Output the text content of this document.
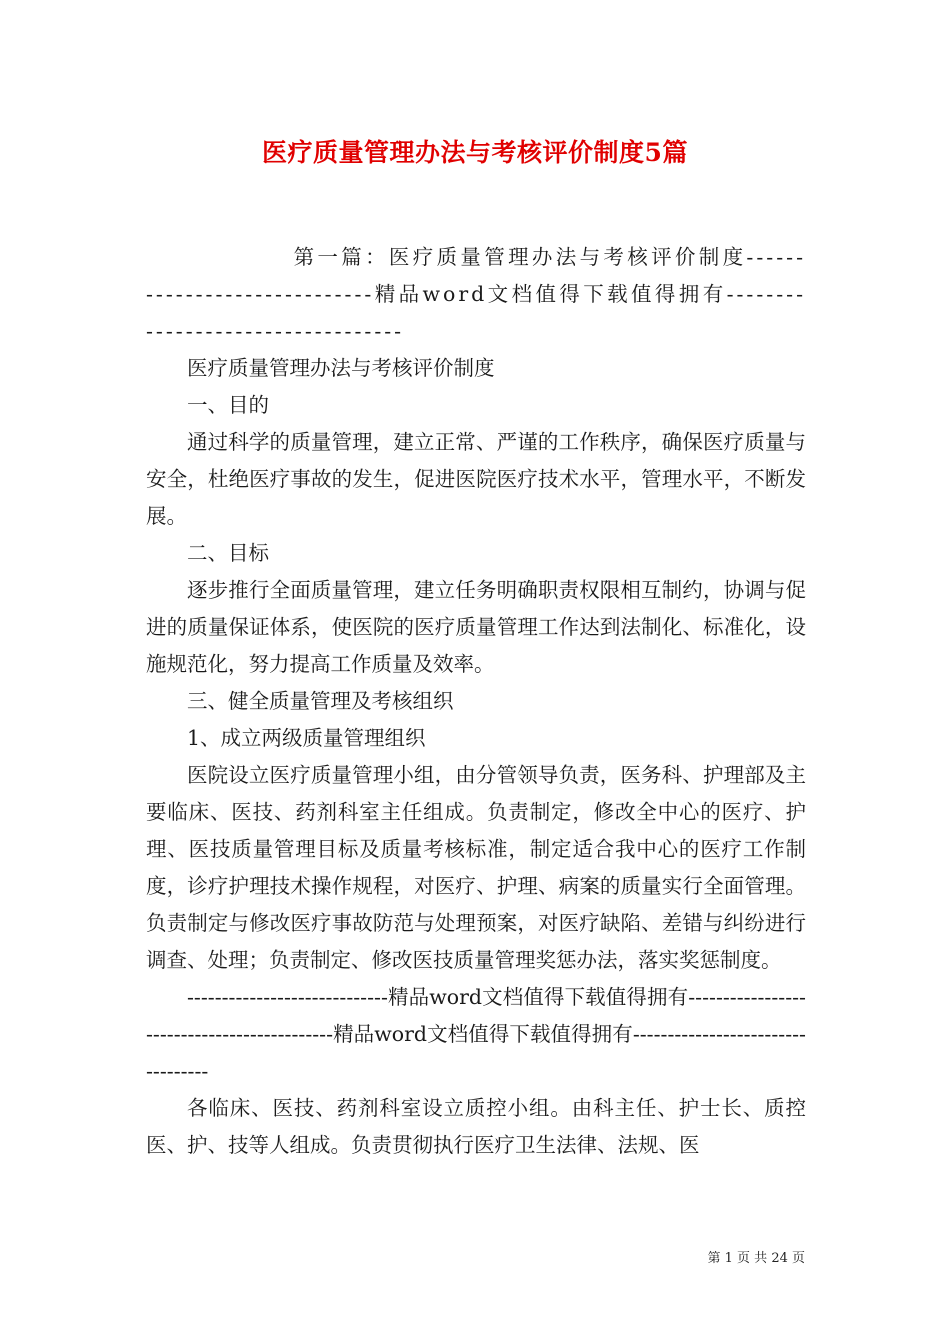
医疗质量管理办法与考核评价制度5篇

第一篇：医疗质量管理办法与考核评价制度-----------------------------精品word文档值得下载值得拥有----------------------------------

医疗质量管理办法与考核评价制度

一、目的

通过科学的质量管理，建立正常、严谨的工作秩序，确保医疗质量与安全，杜绝医疗事故的发生，促进医院医疗技术水平，管理水平，不断发展。

二、目标

逐步推行全面质量管理，建立任务明确职责权限相互制约，协调与促进的质量保证体系，使医院的医疗质量管理工作达到法制化、标准化，设施规范化，努力提高工作质量及效率。

三、健全质量管理及考核组织

1、成立两级质量管理组织

医院设立医疗质量管理小组，由分管领导负责，医务科、护理部及主要临床、医技、药剂科室主任组成。负责制定，修改全中心的医疗、护理、医技质量管理目标及质量考核标准，制定适合我中心的医疗工作制度，诊疗护理技术操作规程，对医疗、护理、病案的质量实行全面管理。负责制定与修改医疗事故防范与处理预案，对医疗缺陷、差错与纠纷进行调查、处理；负责制定、修改医技质量管理奖惩办法，落实奖惩制度。

-----------------------------精品word文档值得下载值得拥有--------------------------------------------精品word文档值得下载值得拥有----------------------------------

各临床、医技、药剂科室设立质控小组。由科主任、护士长、质控医、护、技等人组成。负责贯彻执行医疗卫生法律、法规、医

第 1 页 共 24 页
